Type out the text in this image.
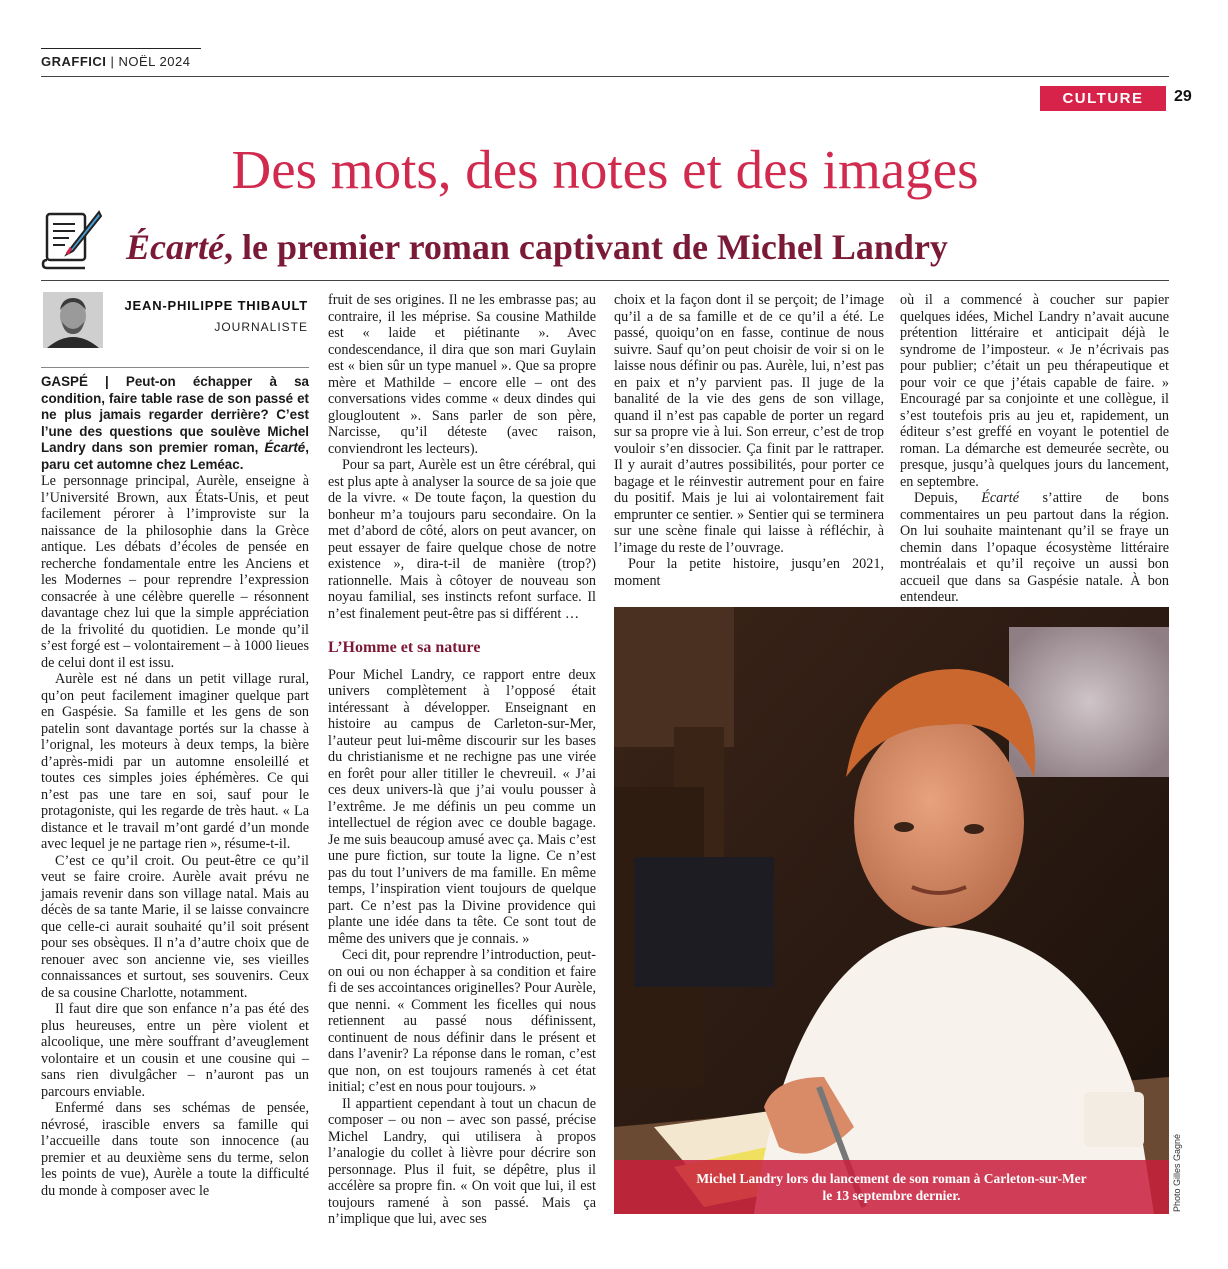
GRAFFICI | NOËL 2024
CULTURE	29
Des mots, des notes et des images
Écarté, le premier roman captivant de Michel Landry
JEAN-PHILIPPE THIBAULT
JOURNALISTE

GASPÉ | Peut-on échapper à sa condition, faire table rase de son passé et ne plus jamais regarder derrière? C’est l’une des questions que soulève Michel Landry dans son premier roman, Écarté, paru cet automne chez Leméac.

Le personnage principal, Aurèle, enseigne à l’Université Brown, aux États-Unis, et peut facilement pérorer à l’improviste sur la naissance de la philosophie dans la Grèce antique. Les débats d’écoles de pensée en recherche fondamentale entre les Anciens et les Modernes – pour reprendre l’expression consacrée à une célèbre querelle – résonnent davantage chez lui que la simple appréciation de la frivolité du quotidien. Le monde qu’il s’est forgé est – volontairement – à 1000 lieues de celui dont il est issu.

Aurèle est né dans un petit village rural, qu’on peut facilement imaginer quelque part en Gaspésie. Sa famille et les gens de son patelin sont davantage portés sur la chasse à l’orignal, les moteurs à deux temps, la bière d’après-midi par un automne ensoleillé et toutes ces simples joies éphémères. Ce qui n’est pas une tare en soi, sauf pour le protagoniste, qui les regarde de très haut. « La distance et le travail m’ont gardé d’un monde avec lequel je ne partage rien », résume-t-il.

C’est ce qu’il croit. Ou peut-être ce qu’il veut se faire croire. Aurèle avait prévu ne jamais revenir dans son village natal. Mais au décès de sa tante Marie, il se laisse convaincre que celle-ci aurait souhaité qu’il soit présent pour ses obsèques. Il n’a d’autre choix que de renouer avec son ancienne vie, ses vieilles connaissances et surtout, ses souvenirs. Ceux de sa cousine Charlotte, notamment.

Il faut dire que son enfance n’a pas été des plus heureuses, entre un père violent et alcoolique, une mère souffrant d’aveuglement volontaire et un cousin et une cousine qui – sans rien divulgâcher – n’auront pas un parcours enviable.

Enfermé dans ses schémas de pensée, névrosé, irascible envers sa famille qui l’accueille dans toute son innocence (au premier et au deuxième sens du terme, selon les points de vue), Aurèle a toute la difficulté du monde à composer avec le

fruit de ses origines. Il ne les embrasse pas; au contraire, il les méprise. Sa cousine Mathilde est « laide et piétinante ». Avec condescendance, il dira que son mari Guylain est « bien sûr un type manuel ». Que sa propre mère et Mathilde – encore elle – ont des conversations vides comme « deux dindes qui glougloutent ». Sans parler de son père, Narcisse, qu’il déteste (avec raison, conviendront les lecteurs).

Pour sa part, Aurèle est un être cérébral, qui est plus apte à analyser la source de sa joie que de la vivre. « De toute façon, la question du bonheur m’a toujours paru secondaire. On la met d’abord de côté, alors on peut avancer, on peut essayer de faire quelque chose de notre existence », dira-t-il de manière (trop?) rationnelle. Mais à côtoyer de nouveau son noyau familial, ses instincts refont surface. Il n’est finalement peut-être pas si différent …

L’Homme et sa nature

Pour Michel Landry, ce rapport entre deux univers complètement à l’opposé était intéressant à développer. Enseignant en histoire au campus de Carleton-sur-Mer, l’auteur peut lui-même discourir sur les bases du christianisme et ne rechigne pas une virée en forêt pour aller titiller le chevreuil. « J’ai ces deux univers-là que j’ai voulu pousser à l’extrême. Je me définis un peu comme un intellectuel de région avec ce double bagage. Je me suis beaucoup amusé avec ça. Mais c’est une pure fiction, sur toute la ligne. Ce n’est pas du tout l’univers de ma famille. En même temps, l’inspiration vient toujours de quelque part. Ce n’est pas la Divine providence qui plante une idée dans ta tête. Ce sont tout de même des univers que je connais. »

Ceci dit, pour reprendre l’introduction, peut-on oui ou non échapper à sa condition et faire fi de ses accointances originelles? Pour Aurèle, que nenni. « Comment les ficelles qui nous retiennent au passé nous définissent, continuent de nous définir dans le présent et dans l’avenir? La réponse dans le roman, c’est que non, on est toujours ramenés à cet état initial; c’est en nous pour toujours. »

Il appartient cependant à tout un chacun de composer – ou non – avec son passé, précise Michel Landry, qui utilisera à propos l’analogie du collet à lièvre pour décrire son personnage. Plus il fuit, se dépêtre, plus il accélère sa propre fin. « On voit que lui, il est toujours ramené à son passé. Mais ça n’implique que lui, avec ses

choix et la façon dont il se perçoit; de l’image qu’il a de sa famille et de ce qu’il a été. Le passé, quoiqu’on en fasse, continue de nous suivre. Sauf qu’on peut choisir de voir si on le laisse nous définir ou pas. Aurèle, lui, n’est pas en paix et n’y parvient pas. Il juge de la banalité de la vie des gens de son village, quand il n’est pas capable de porter un regard sur sa propre vie à lui. Son erreur, c’est de trop vouloir s’en dissocier. Ça finit par le rattraper. Il y aurait d’autres possibilités, pour porter ce bagage et le réinvestir autrement pour en faire du positif. Mais je lui ai volontairement fait emprunter ce sentier. » Sentier qui se terminera sur une scène finale qui laisse à réfléchir, à l’image du reste de l’ouvrage.

Pour la petite histoire, jusqu’en 2021, moment

où il a commencé à coucher sur papier quelques idées, Michel Landry n’avait aucune prétention littéraire et anticipait déjà le syndrome de l’imposteur. « Je n’écrivais pas pour publier; c’était un peu thérapeutique et pour voir ce que j’étais capable de faire. » Encouragé par sa conjointe et une collègue, il s’est toutefois pris au jeu et, rapidement, un éditeur s’est greffé en voyant le potentiel de roman. La démarche est demeurée secrète, ou presque, jusqu’à quelques jours du lancement, en septembre.

Depuis, Écarté s’attire de bons commentaires un peu partout dans la région. On lui souhaite maintenant qu’il se fraye un chemin dans l’opaque écosystème littéraire montréalais et qu’il reçoive un aussi bon accueil que dans sa Gaspésie natale. À bon entendeur.

Michel Landry lors du lancement de son roman à Carleton-sur-Mer
le 13 septembre dernier.	Photo Gilles Gagné
